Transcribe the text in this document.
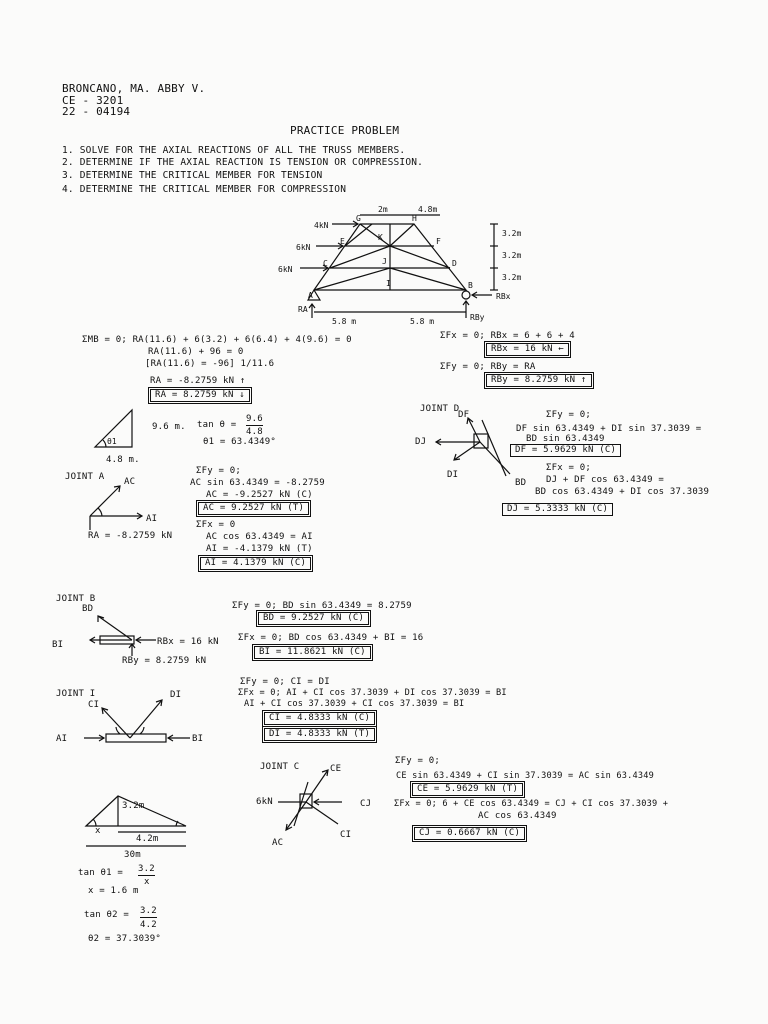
BRONCANO, MA. ABBY V.
CE - 3201
22 - 04194
PRACTICE PROBLEM
1. SOLVE FOR THE AXIAL REACTIONS OF ALL THE TRUSS MEMBERS.
2. DETERMINE IF THE AXIAL REACTION IS TENSION OR COMPRESSION.
3. DETERMINE THE CRITICAL MEMBER FOR TENSION
4. DETERMINE THE CRITICAL MEMBER FOR COMPRESSION
2m	4.8m
3.2m
3.2m
3.2m
5.8 m	5.8 m
4kN
6kN
6kN
A
B
C	D
E	F
G	H
I
J
K
RA
RBx
RBy
ΣMB = 0; RA(11.6) + 6(3.2) + 6(6.4) + 4(9.6) = 0
RA(11.6) + 96 = 0
[RA(11.6) = -96] 1/11.6
RA = -8.2759 kN ↑
RA = 8.2759 kN ↓
ΣFx = 0; RBx = 6 + 6 + 4
RBx = 16 kN ←
ΣFy = 0; RBy = RA
RBy = 8.2759 kN ↑
θ1
9.6 m.
4.8 m.
tan θ =
9.6
4.8
θ1 = 63.4349°
JOINT A AC
AI
RA = -8.2759 kN
ΣFy = 0;
AC sin 63.4349 = -8.2759
AC = -9.2527 kN (C)
AC = 9.2527 kN (T)
ΣFx = 0
AC cos 63.4349 = AI
AI = -4.1379 kN (T)
AI = 4.1379 kN (C)
JOINT D
DF
DJ
DI
BD
ΣFy = 0;
DF sin 63.4349 + DI sin 37.3039 =
BD sin 63.4349
DF = 5.9629 kN (C)
ΣFx = 0;
DJ + DF cos 63.4349 =
BD cos 63.4349 + DI cos 37.3039
DJ = 5.3333 kN (C)
JOINT B
BD
BI	RBx = 16 kN
RBy = 8.2759 kN
ΣFy = 0; BD sin 63.4349 = 8.2759
BD = 9.2527 kN (C)
ΣFx = 0; BD cos 63.4349 + BI = 16
BI = 11.8621 kN (C)
JOINT I
CI
DI
AI	BI
ΣFy = 0; CI = DI
ΣFx = 0; AI + CI cos 37.3039 + DI cos 37.3039 = BI
AI + CI cos 37.3039 + CI cos 37.3039 = BI
CI = 4.8333 kN (C)
DI = 4.8333 kN (T)
JOINT C	CE
CJ
AC
CI
6kN
ΣFy = 0;
CE sin 63.4349 + CI sin 37.3039 = AC sin 63.4349
CE = 5.9629 kN (T)
ΣFx = 0; 6 + CE cos 63.4349 = CJ + CI cos 37.3039 +
AC cos 63.4349
CJ = 0.6667 kN (C)
3.2m
x
4.2m
30m
tan θ1 = 3.2
x
x = 1.6 m
tan θ2 = 3.2
4.2
θ2 = 37.3039°
